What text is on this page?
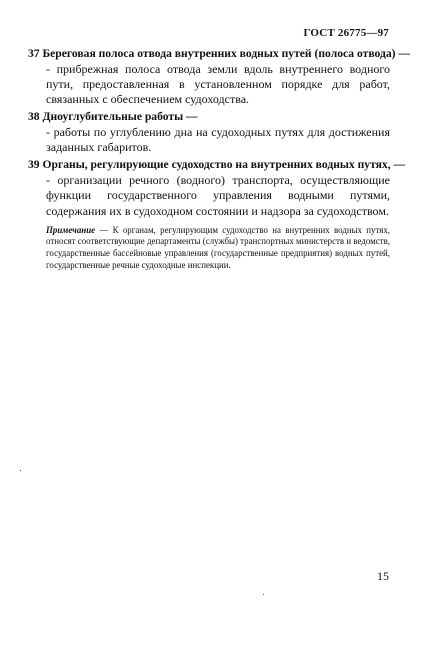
ГОСТ 26775—97
37 Береговая полоса отвода внутренних водных путей (полоса отвода) —
- прибрежная полоса отвода земли вдоль внутреннего водного пути, предоставленная в установленном порядке для работ, связанных с обеспечением судоходства.
38 Дноуглубительные работы —
- работы по углублению дна на судоходных путях для достижения заданных габаритов.
39 Органы, регулирующие судоходство на внутренних водных путях, —
- организации речного (водного) транспорта, осуществляющие функции государственного управления водными путями, содержания их в судоходном состоянии и надзора за судоходством.
Примечание — К органам, регулирующим судоходство на внутренних водных путях, относят соответствующие департаменты (службы) транспортных министерств и ведомств, государственные бассейновые управления (государственные предприятия) водных путей, государственные речные судоходные инспекции.
15
